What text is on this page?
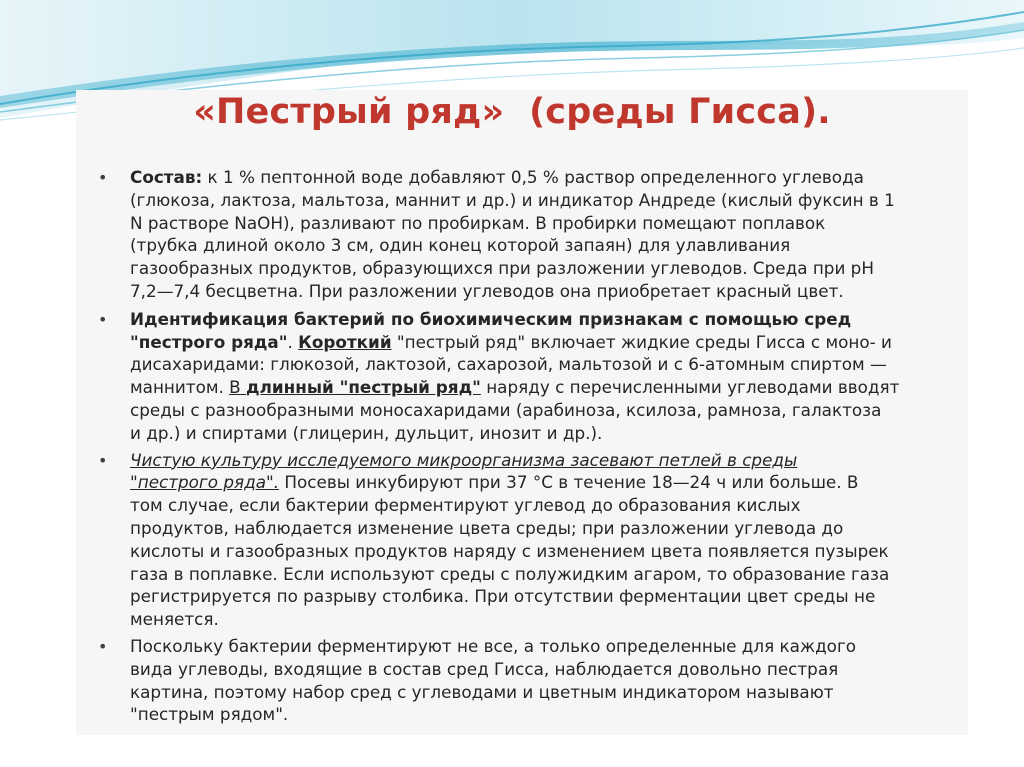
«Пестрый ряд»  (среды Гисса).
• Состав: к 1 % пептонной воде добавляют 0,5 % раствор определенного углевода
(глюкоза, лактоза, мальтоза, маннит и др.) и индикатор Андреде (кислый фуксин в 1
N растворе NaOH), разливают по пробиркам. В пробирки помещают поплавок
(трубка длиной около 3 см, один конец которой запаян) для улавливания
газообразных продуктов, образующихся при разложении углеводов. Среда при рН
7,2—7,4 бесцветна. При разложении углеводов она приобретает красный цвет.
• Идентификация бактерий по биохимическим признакам с помощью сред
"пестрого ряда". Короткий "пестрый ряд" включает жидкие среды Гисса с моно- и
дисахаридами: глюкозой, лактозой, сахарозой, мальтозой и с 6-атомным спиртом —
маннитом. В длинный "пестрый ряд" наряду с перечисленными углеводами вводят
среды с разнообразными моносахаридами (арабиноза, ксилоза, рамноза, галактоза
и др.) и спиртами (глицерин, дульцит, инозит и др.).
• Чистую культуру исследуемого микроорганизма засевают петлей в среды
"пестрого ряда". Посевы инкубируют при 37 °С в течение 18—24 ч или больше. В
том случае, если бактерии ферментируют углевод до образования кислых
продуктов, наблюдается изменение цвета среды; при разложении углевода до
кислоты и газообразных продуктов наряду с изменением цвета появляется пузырек
газа в поплавке. Если используют среды с полужидким агаром, то образование газа
регистрируется по разрыву столбика. При отсутствии ферментации цвет среды не
меняется.
• Поскольку бактерии ферментируют не все, а только определенные для каждого
вида углеводы, входящие в состав сред Гисса, наблюдается довольно пестрая
картина, поэтому набор сред с углеводами и цветным индикатором называют
"пестрым рядом".
